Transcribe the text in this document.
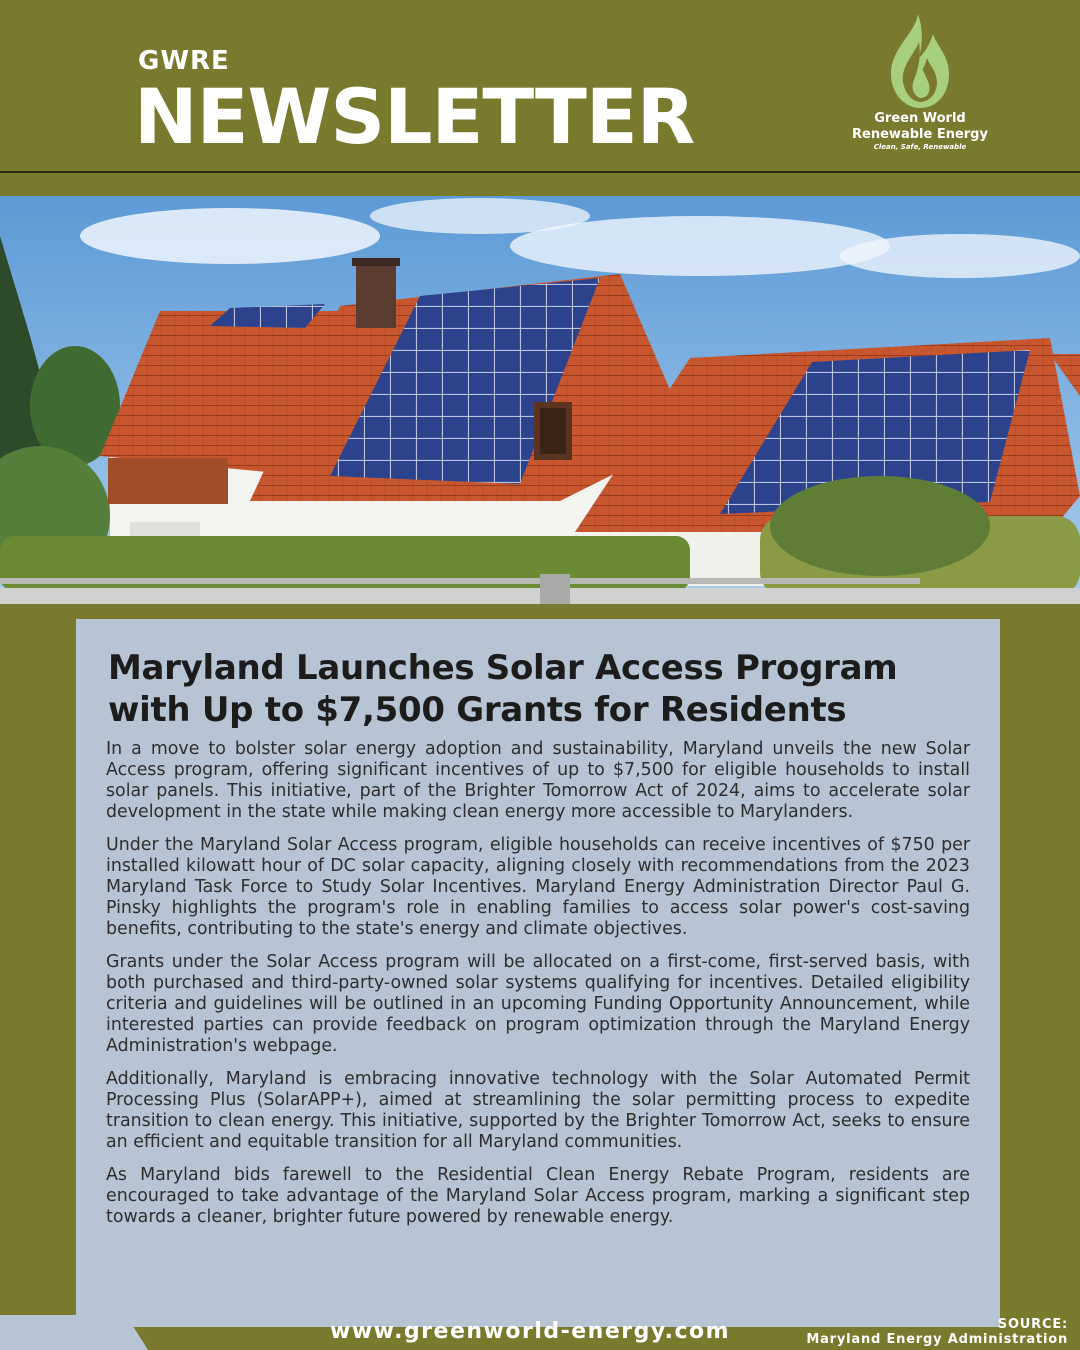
GWRE
NEWSLETTER	Green World
Renewable Energy
Clean, Safe, Renewable
Maryland Launches Solar Access Program with Up to $7,500 Grants for Residents

In a move to bolster solar energy adoption and sustainability, Maryland unveils the new Solar Access program, offering significant incentives of up to $7,500 for eligible households to install solar panels. This initiative, part of the Brighter Tomorrow Act of 2024, aims to accelerate solar development in the state while making clean energy more accessible to Marylanders.

Under the Maryland Solar Access program, eligible households can receive incentives of $750 per installed kilowatt hour of DC solar capacity, aligning closely with recommendations from the 2023 Maryland Task Force to Study Solar Incentives. Maryland Energy Administration Director Paul G. Pinsky highlights the program's role in enabling families to access solar power's cost-saving benefits, contributing to the state's energy and climate objectives.

Grants under the Solar Access program will be allocated on a first-come, first-served basis, with both purchased and third-party-owned solar systems qualifying for incentives. Detailed eligibility criteria and guidelines will be outlined in an upcoming Funding Opportunity Announcement, while interested parties can provide feedback on program optimization through the Maryland Energy Administration's webpage.

Additionally, Maryland is embracing innovative technology with the Solar Automated Permit Processing Plus (SolarAPP+), aimed at streamlining the solar permitting process to expedite transition to clean energy. This initiative, supported by the Brighter Tomorrow Act, seeks to ensure an efficient and equitable transition for all Maryland communities.

As Maryland bids farewell to the Residential Clean Energy Rebate Program, residents are encouraged to take advantage of the Maryland Solar Access program, marking a significant step towards a cleaner, brighter future powered by renewable energy.

www.greenworld-energy.com	SOURCE:
Maryland Energy Administration
